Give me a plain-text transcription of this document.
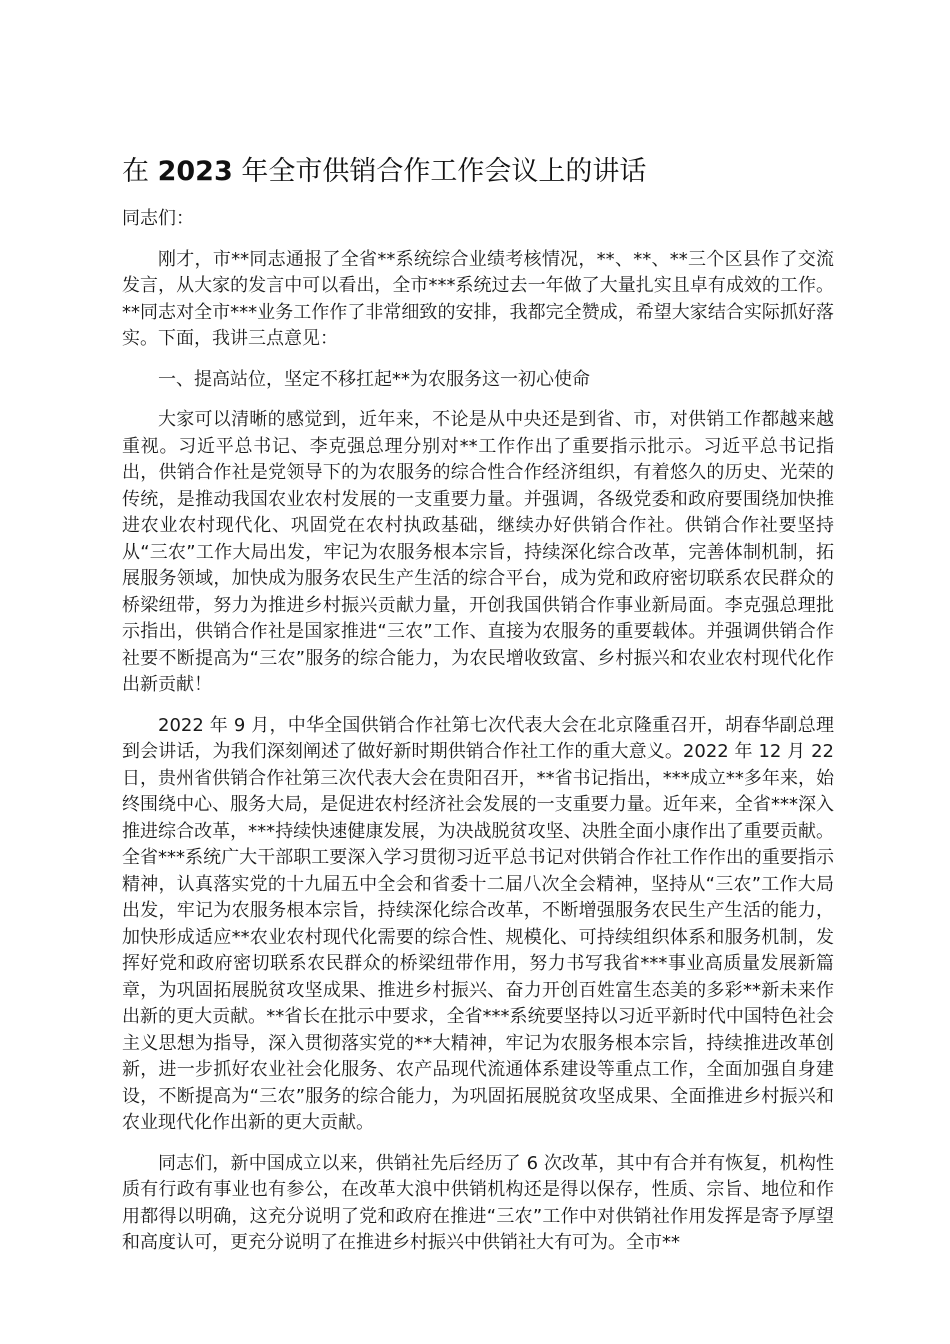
在 2023 年全市供销合作工作会议上的讲话

同志们：

刚才，市**同志通报了全省**系统综合业绩考核情况，**、**、**三个区县作了交流发言，从大家的发言中可以看出，全市***系统过去一年做了大量扎实且卓有成效的工作。**同志对全市***业务工作作了非常细致的安排，我都完全赞成，希望大家结合实际抓好落实。下面，我讲三点意见：

一、提高站位，坚定不移扛起**为农服务这一初心使命

大家可以清晰的感觉到，近年来，不论是从中央还是到省、市，对供销工作都越来越重视。习近平总书记、李克强总理分别对**工作作出了重要指示批示。习近平总书记指出，供销合作社是党领导下的为农服务的综合性合作经济组织，有着悠久的历史、光荣的传统，是推动我国农业农村发展的一支重要力量。并强调，各级党委和政府要围绕加快推进农业农村现代化、巩固党在农村执政基础，继续办好供销合作社。供销合作社要坚持从“三农”工作大局出发，牢记为农服务根本宗旨，持续深化综合改革，完善体制机制，拓展服务领域，加快成为服务农民生产生活的综合平台，成为党和政府密切联系农民群众的桥梁纽带，努力为推进乡村振兴贡献力量，开创我国供销合作事业新局面。李克强总理批示指出，供销合作社是国家推进“三农”工作、直接为农服务的重要载体。并强调供销合作社要不断提高为“三农”服务的综合能力，为农民增收致富、乡村振兴和农业农村现代化作出新贡献！

2022 年 9 月，中华全国供销合作社第七次代表大会在北京隆重召开，胡春华副总理到会讲话，为我们深刻阐述了做好新时期供销合作社工作的重大意义。2022 年 12 月 22 日，贵州省供销合作社第三次代表大会在贵阳召开，**省书记指出，***成立**多年来，始终围绕中心、服务大局，是促进农村经济社会发展的一支重要力量。近年来，全省***深入推进综合改革，***持续快速健康发展，为决战脱贫攻坚、决胜全面小康作出了重要贡献。全省***系统广大干部职工要深入学习贯彻习近平总书记对供销合作社工作作出的重要指示精神，认真落实党的十九届五中全会和省委十二届八次全会精神，坚持从“三农”工作大局出发，牢记为农服务根本宗旨，持续深化综合改革，不断增强服务农民生产生活的能力，加快形成适应**农业农村现代化需要的综合性、规模化、可持续组织体系和服务机制，发挥好党和政府密切联系农民群众的桥梁纽带作用，努力书写我省***事业高质量发展新篇章，为巩固拓展脱贫攻坚成果、推进乡村振兴、奋力开创百姓富生态美的多彩**新未来作出新的更大贡献。**省长在批示中要求，全省***系统要坚持以习近平新时代中国特色社会主义思想为指导，深入贯彻落实党的**大精神，牢记为农服务根本宗旨，持续推进改革创新，进一步抓好农业社会化服务、农产品现代流通体系建设等重点工作，全面加强自身建设，不断提高为“三农”服务的综合能力，为巩固拓展脱贫攻坚成果、全面推进乡村振兴和农业现代化作出新的更大贡献。

同志们，新中国成立以来，供销社先后经历了 6 次改革，其中有合并有恢复，机构性质有行政有事业也有参公，在改革大浪中供销机构还是得以保存，性质、宗旨、地位和作用都得以明确，这充分说明了党和政府在推进“三农”工作中对供销社作用发挥是寄予厚望和高度认可，更充分说明了在推进乡村振兴中供销社大有可为。全市**
